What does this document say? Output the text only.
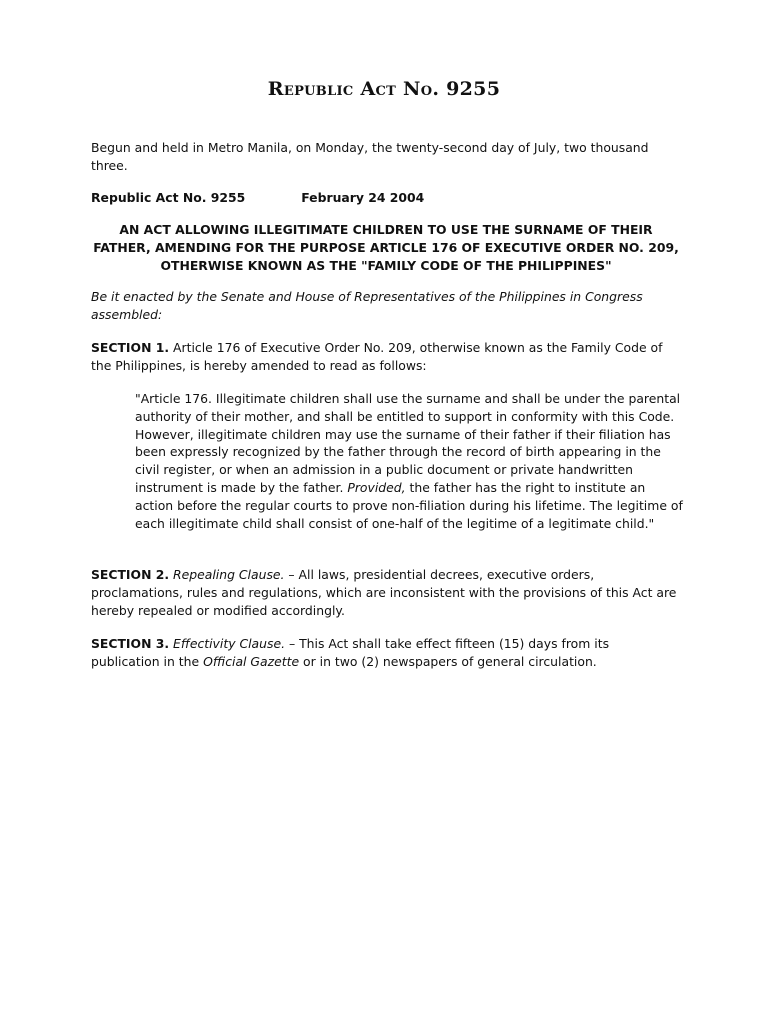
Republic Act No. 9255

Begun and held in Metro Manila, on Monday, the twenty-second day of July, two thousand three.

Republic Act No. 9255	February 24 2004

AN ACT ALLOWING ILLEGITIMATE CHILDREN TO USE THE SURNAME OF THEIR FATHER, AMENDING FOR THE PURPOSE ARTICLE 176 OF EXECUTIVE ORDER NO. 209, OTHERWISE KNOWN AS THE "FAMILY CODE OF THE PHILIPPINES"

Be it enacted by the Senate and House of Representatives of the Philippines in Congress assembled:

SECTION 1. Article 176 of Executive Order No. 209, otherwise known as the Family Code of the Philippines, is hereby amended to read as follows:

"Article 176. Illegitimate children shall use the surname and shall be under the parental authority of their mother, and shall be entitled to support in conformity with this Code. However, illegitimate children may use the surname of their father if their filiation has been expressly recognized by the father through the record of birth appearing in the civil register, or when an admission in a public document or private handwritten instrument is made by the father. Provided, the father has the right to institute an action before the regular courts to prove non-filiation during his lifetime. The legitime of each illegitimate child shall consist of one-half of the legitime of a legitimate child."

SECTION 2. Repealing Clause. – All laws, presidential decrees, executive orders, proclamations, rules and regulations, which are inconsistent with the provisions of this Act are hereby repealed or modified accordingly.

SECTION 3. Effectivity Clause. – This Act shall take effect fifteen (15) days from its publication in the Official Gazette or in two (2) newspapers of general circulation.
